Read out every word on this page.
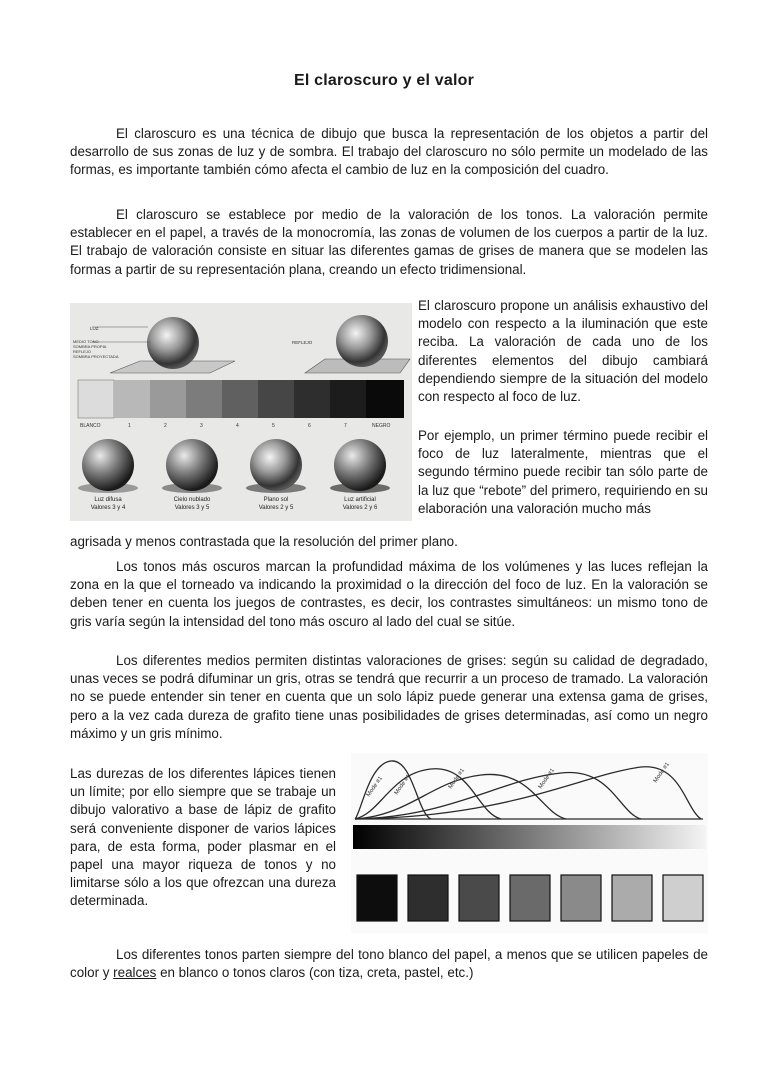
El claroscuro y el valor

El claroscuro es una técnica de dibujo que busca la representación de los objetos a partir del desarrollo de sus zonas de luz y de sombra. El trabajo del claroscuro no sólo permite un modelado de las formas, es importante también cómo afecta el cambio de luz en la composición del cuadro.

El claroscuro se establece por medio de la valoración de los tonos. La valoración permite establecer en el papel, a través de la monocromía, las zonas de volumen de los cuerpos a partir de la luz. El trabajo de valoración consiste en situar las diferentes gamas de grises de manera que se modelen las formas a partir de su representación plana, creando un efecto tridimensional.

LUZ
MEDIO TONO
SOMBRA PROPIA
REFLEJO
SOMBRA PROYECTADA
REFLEJO
BLANCO	1	2	3	4	5	6	7	NEGRO
Luz difusa
Valores 3 y 4
Cielo nublado
Valores 3 y 5
Plano sol
Valores 2 y 5
Luz artificial
Valores 2 y 6

El claroscuro propone un análisis exhaustivo del modelo con respecto a la iluminación que este reciba. La valoración de cada uno de los diferentes elementos del dibujo cambiará dependiendo siempre de la situación del modelo con respecto al foco de luz.

Por ejemplo, un primer término puede recibir el foco de luz lateralmente, mientras que el segundo término puede recibir tan sólo parte de la luz que “rebote” del primero, requiriendo en su elaboración una valoración mucho más

agrisada y menos contrastada que la resolución del primer plano.

Los tonos más oscuros marcan la profundidad máxima de los volúmenes y las luces reflejan la zona en la que el torneado va indicando la proximidad o la dirección del foco de luz. En la valoración se deben tener en cuenta los juegos de contrastes, es decir, los contrastes simultáneos: un mismo tono de gris varía según la intensidad del tono más oscuro al lado del cual se sitúe.

Los diferentes medios permiten distintas valoraciones de grises: según su calidad de degradado, unas veces se podrá difuminar un gris, otras se tendrá que recurrir a un proceso de tramado. La valoración no se puede entender sin tener en cuenta que un solo lápiz puede generar una extensa gama de grises, pero a la vez cada dureza de grafito tiene unas posibilidades de grises determinadas, así como un negro máximo y un gris mínimo.

Mode #1 Mode #1	Mode #1	Mode #1	Mode #1

Las durezas de los diferentes lápices tienen un límite; por ello siempre que se trabaje un dibujo valorativo a base de lápiz de grafito será conveniente disponer de varios lápices para, de esta forma, poder plasmar en el papel una mayor riqueza de tonos y no limitarse sólo a los que ofrezcan una dureza determinada.

Los diferentes tonos parten siempre del tono blanco del papel, a menos que se utilicen papeles de color y realces en blanco o tonos claros (con tiza, creta, pastel, etc.)
